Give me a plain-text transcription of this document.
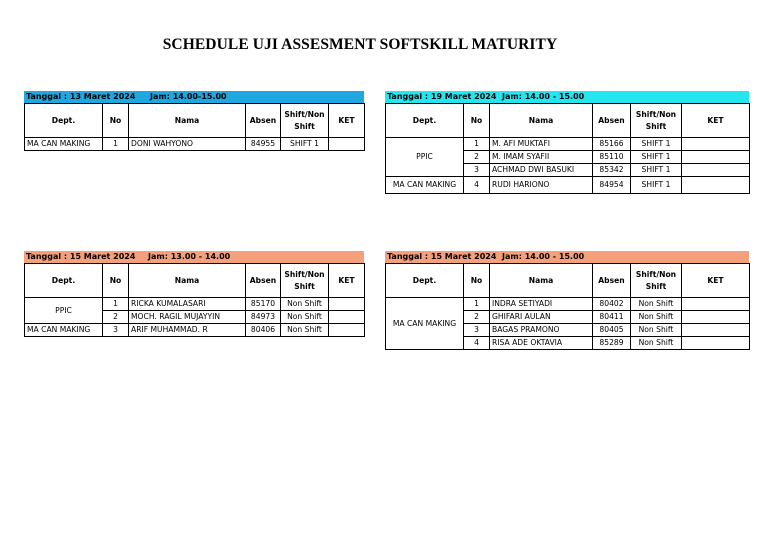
SCHEDULE UJI ASSESMENT SOFTSKILL MATURITY
Tanggal : 13 Maret 2024 Jam: 14.00-15.00
Dept.	No	Nama	Absen	Shift/Non Shift	KET
MA CAN MAKING	1	DONI WAHYONO	84955	SHIFT 1	
Tanggal : 19 Maret 2024 Jam: 14.00 - 15.00
Dept.	No	Nama	Absen	Shift/Non Shift	KET
PPIC	1	M. AFI MUKTAFI	85166	SHIFT 1	
	2	M. IMAM SYAFII	85110	SHIFT 1	
	3	ACHMAD DWI BASUKI	85342	SHIFT 1	
MA CAN MAKING	4	RUDI HARIONO	84954	SHIFT 1	
Tanggal : 15 Maret 2024 Jam: 13.00 - 14.00
Dept.	No	Nama	Absen	Shift/Non Shift	KET
PPIC	1	RICKA KUMALASARI	85170	Non Shift	
	2	MOCH. RAGIL MUJAYYIN	84973	Non Shift	
MA CAN MAKING	3	ARIF MUHAMMAD. R	80406	Non Shift	
Tanggal : 15 Maret 2024 Jam: 14.00 - 15.00
Dept.	No	Nama	Absen	Shift/Non Shift	KET
MA CAN MAKING	1	INDRA SETIYADI	80402	Non Shift	
	2	GHIFARI AULAN	80411	Non Shift	
	3	BAGAS PRAMONO	80405	Non Shift	
	4	RISA ADE OKTAVIA	85289	Non Shift	
